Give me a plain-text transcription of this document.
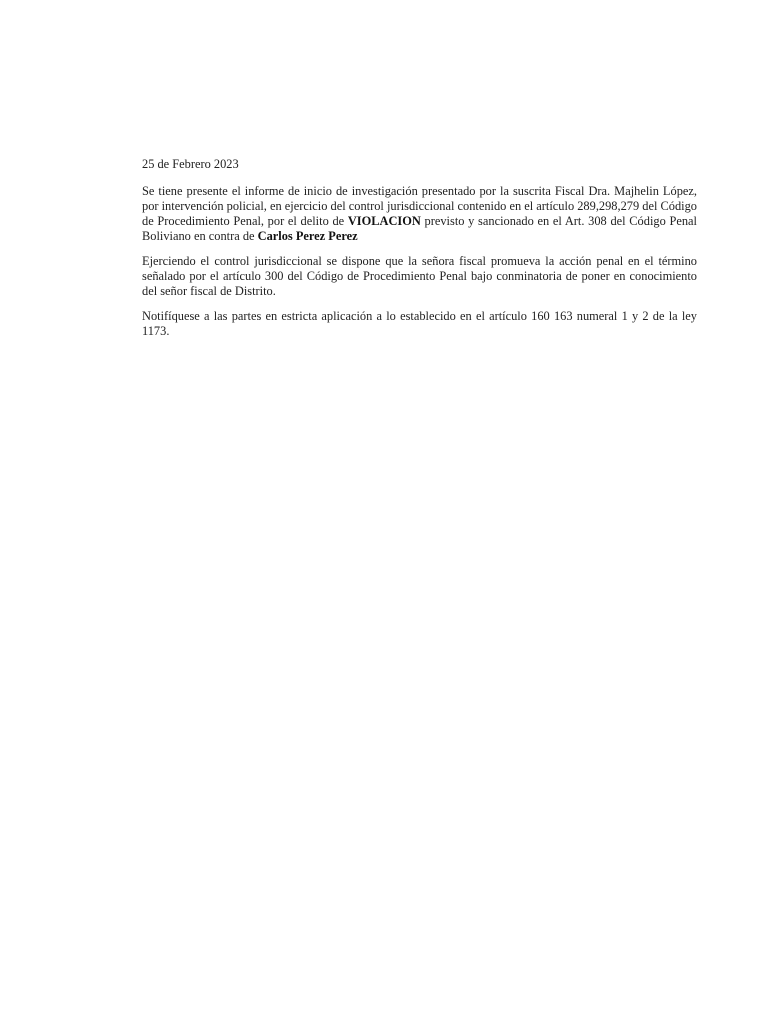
25 de Febrero 2023

Se tiene presente el informe de inicio de investigación presentado por la suscrita Fiscal Dra. Majhelin López, por intervención policial, en ejercicio del control jurisdiccional contenido en el artículo 289,298,279 del Código de Procedimiento Penal, por el delito de VIOLACION previsto y sancionado en el Art. 308 del Código Penal Boliviano en contra de Carlos Perez Perez

Ejerciendo el control jurisdiccional se dispone que la señora fiscal promueva la acción penal en el término señalado por el artículo 300 del Código de Procedimiento Penal bajo conminatoria de poner en conocimiento del señor fiscal de Distrito.

Notifíquese a las partes en estricta aplicación a lo establecido en el artículo 160 163 numeral 1 y 2 de la ley 1173.
